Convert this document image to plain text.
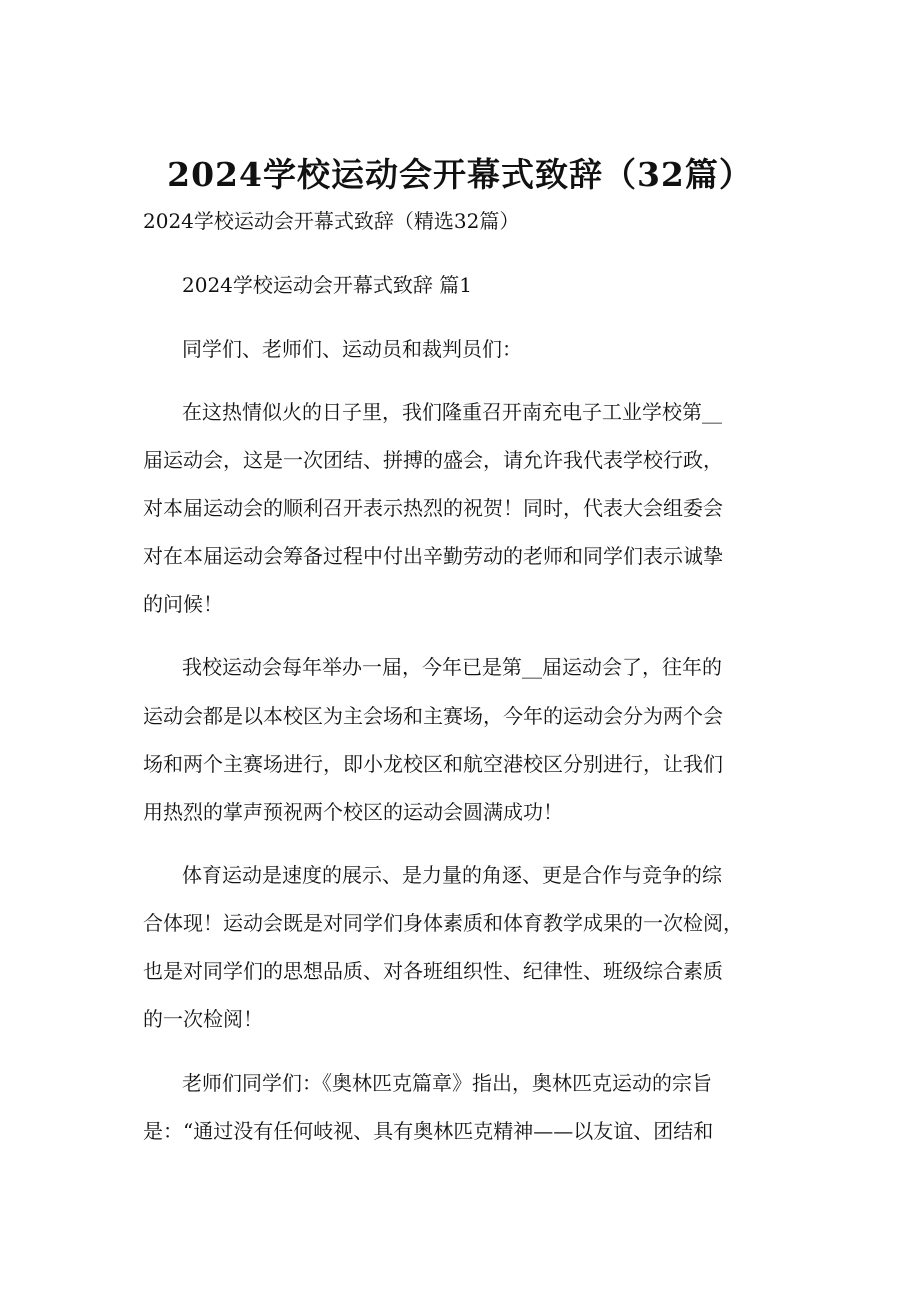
2024学校运动会开幕式致辞（32篇）
2024学校运动会开幕式致辞（精选32篇）
2024学校运动会开幕式致辞 篇1
同学们、老师们、运动员和裁判员们：
在这热情似火的日子里，我们隆重召开南充电子工业学校第__
届运动会，这是一次团结、拼搏的盛会，请允许我代表学校行政，
对本届运动会的顺利召开表示热烈的祝贺！同时，代表大会组委会
对在本届运动会筹备过程中付出辛勤劳动的老师和同学们表示诚挚
的问候！
我校运动会每年举办一届，今年已是第__届运动会了，往年的
运动会都是以本校区为主会场和主赛场，今年的运动会分为两个会
场和两个主赛场进行，即小龙校区和航空港校区分别进行，让我们
用热烈的掌声预祝两个校区的运动会圆满成功！
体育运动是速度的展示、是力量的角逐、更是合作与竞争的综
合体现！运动会既是对同学们身体素质和体育教学成果的一次检阅，
也是对同学们的思想品质、对各班组织性、纪律性、班级综合素质
的一次检阅！
老师们同学们：《奥林匹克篇章》指出，奥林匹克运动的宗旨
是：“通过没有任何岐视、具有奥林匹克精神——以友谊、团结和
